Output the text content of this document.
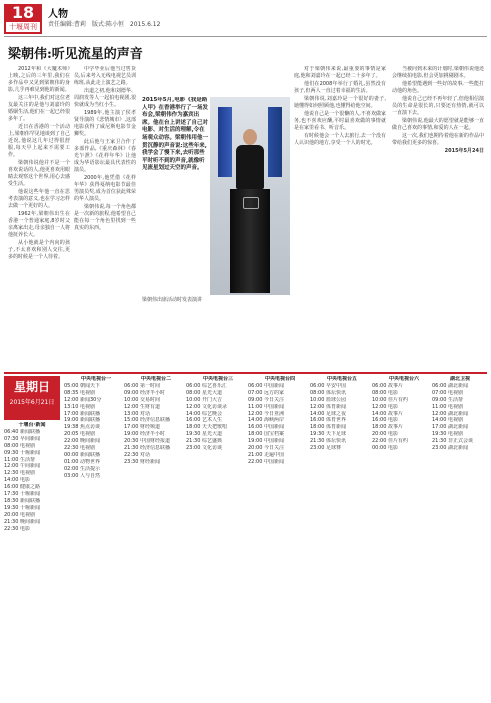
18
十堰周刊
人物
责任编辑:曹莉 版式:陈小恒 2015.6.12
梁朝伟:听见流星的声音

2012年和《大魔术师》上映,之后的三年里,我们在多作品中又见到梁朝伟的身影,几乎再难见到他的新闻。

这三年中,我们对这位老友最关注的是他与刘嘉玲的婚姻生活,他们在一起已经很多年了。

近日在香港的一个活动上,梁朝伟罕见地谈到了自己近况,他说这几年过得很舒服,每天早上起来不需要工作。

梁朝伟说他并不是一个喜欢说话的人,他更喜欢用眼睛去观察这个世界,用心去感受生活。

他说这些年他一直在思考表演的意义,也在学习怎样去做一个更好的人。

1962年,梁朝伟出生在香港一个普通家庭,8岁时父亲离家出走,母亲独自一人将他抚养长大。

从小他就是个内向的孩子,不太喜欢和别人交往,更多的时候是一个人待着。

中学毕业后他当过售货员,后来考入无线电视艺员训练班,从此走上演艺之路。

出道之初,他和刘德华、周润发等人一起拍电视剧,很快就成为当红小生。

1989年,他主演了侯孝贤导演的《悲情城市》,这部电影获得了威尼斯电影节金狮奖。

此后他与王家卫合作了多部作品,《重庆森林》《春光乍泄》《花样年华》让他成为华语影坛最具代表性的演员。

2000年,他凭借《花样年华》获得戛纳电影节最佳男演员奖,成为首位获此殊荣的华人演员。

梁朝伟说,每一个角色都是一次新的旅程,他希望自己能在每一个角色里找到一些真实的东西。

2015年5月,电影《我是路人甲》在香港举行了一场发布会,梁朝伟作为嘉宾出席。他在台上讲述了自己对电影、对生活的理解,令在场观众动容。梁朝伟用他一贯沉静的声音说:这些年来,我学会了慢下来,去听那些平时听不到的声音,就像听见流星划过天空的声音。
梁朝伟出席活动时发表演讲

对于梁朝伟来说,最重要的事情是家庭,他和刘嘉玲在一起已经二十多年了。

他们在2008年举行了婚礼,虽然没有孩子,但两人一直过着幸福的生活。

梁朝伟说,刘嘉玲是一个很好的妻子,她懂得如何照顾他,也懂得给他空间。

他说自己是一个很懒的人,不喜欢做家务,也不喜欢应酬,平时最喜欢做的事情就是在家里看书、听音乐。

有时候他会一个人去旅行,去一个没有人认识他的地方,享受一个人的时光。

当被问到未来的计划时,梁朝伟说他还会继续拍电影,但会更加挑剔剧本。

他希望能遇到一些好的故事,一些能打动他的角色。

他说自己已经不再年轻了,但他相信演员的生命是很长的,只要还有热情,就可以一直演下去。

梁朝伟说,他最大的愿望就是能够一直做自己喜欢的事情,和爱的人在一起。

这一次,我们也期待着他在新的作品中带给我们更多的惊喜。

2015年5月24日

星期日
2015年6月21日
十堰台·新闻
06:40 新闻联播
07:30 早间新闻
08:00 电视剧
09:30 十堰新闻
11:00 生活帮
12:00 午间新闻
12:30 电视剧
14:00 电影
16:00 健康之路
17:30 十堰新闻
18:30 新闻联播
19:30 十堰新闻
20:00 电视剧
21:30 晚间新闻
22:30 电影
中央电视台一
05:00 朝闻天下
08:35 电视剧
12:00 新闻30分
13:10 电视剧
17:00 新闻联播
19:00 新闻联播
19:38 焦点访谈
20:05 电视剧
22:00 晚间新闻
22:30 电视剧
00:00 新闻联播
01:00 动物世界
02:00 生活提示
03:00 人与自然
中央电视台二
06:00 第一时间
09:00 经济半小时
10:00 交易时间
12:00 生财有道
13:00 对话
15:00 经济信息联播
17:00 财经频道
19:00 经济半小时
20:30 中国财经报道
21:30 经济信息联播
22:30 对话
23:30 财经新闻
中央电视台三
06:00 综艺喜乐汇
08:00 星光大道
10:00 开门大吉
12:00 文化访谈录
14:00 综艺晚会
16:00 艺术人生
18:00 天天把歌唱
19:30 星光大道
21:30 综艺盛典
23:00 文化访谈
中央电视台四
06:00 中国新闻
07:00 远方的家
09:00 今日关注
11:00 中国新闻
12:00 今日亚洲
14:00 海峡两岸
16:00 中国新闻
18:00 国宝档案
19:00 中国新闻
20:00 今日关注
21:00 走遍中国
22:00 中国新闻
中央电视台五
06:00 早安中国
08:00 体坛快讯
10:00 篮球公园
12:00 体育新闻
14:00 足球之夜
16:00 体育世界
18:00 体育新闻
19:30 天下足球
21:30 体坛快讯
23:00 足球赛
中央电视台六
06:00 故事片
08:00 电影
10:00 佳片有约
12:00 电影
14:00 故事片
16:00 电影
18:00 故事片
20:00 电影
22:00 佳片有约
00:00 电影
湖北卫视
06:00 湖北新闻
07:00 电视剧
09:00 生活帮
11:00 电视剧
12:00 湖北新闻
14:00 电视剧
17:00 湖北新闻
19:30 电视剧
21:30 非正式会谈
23:00 湖北新闻
